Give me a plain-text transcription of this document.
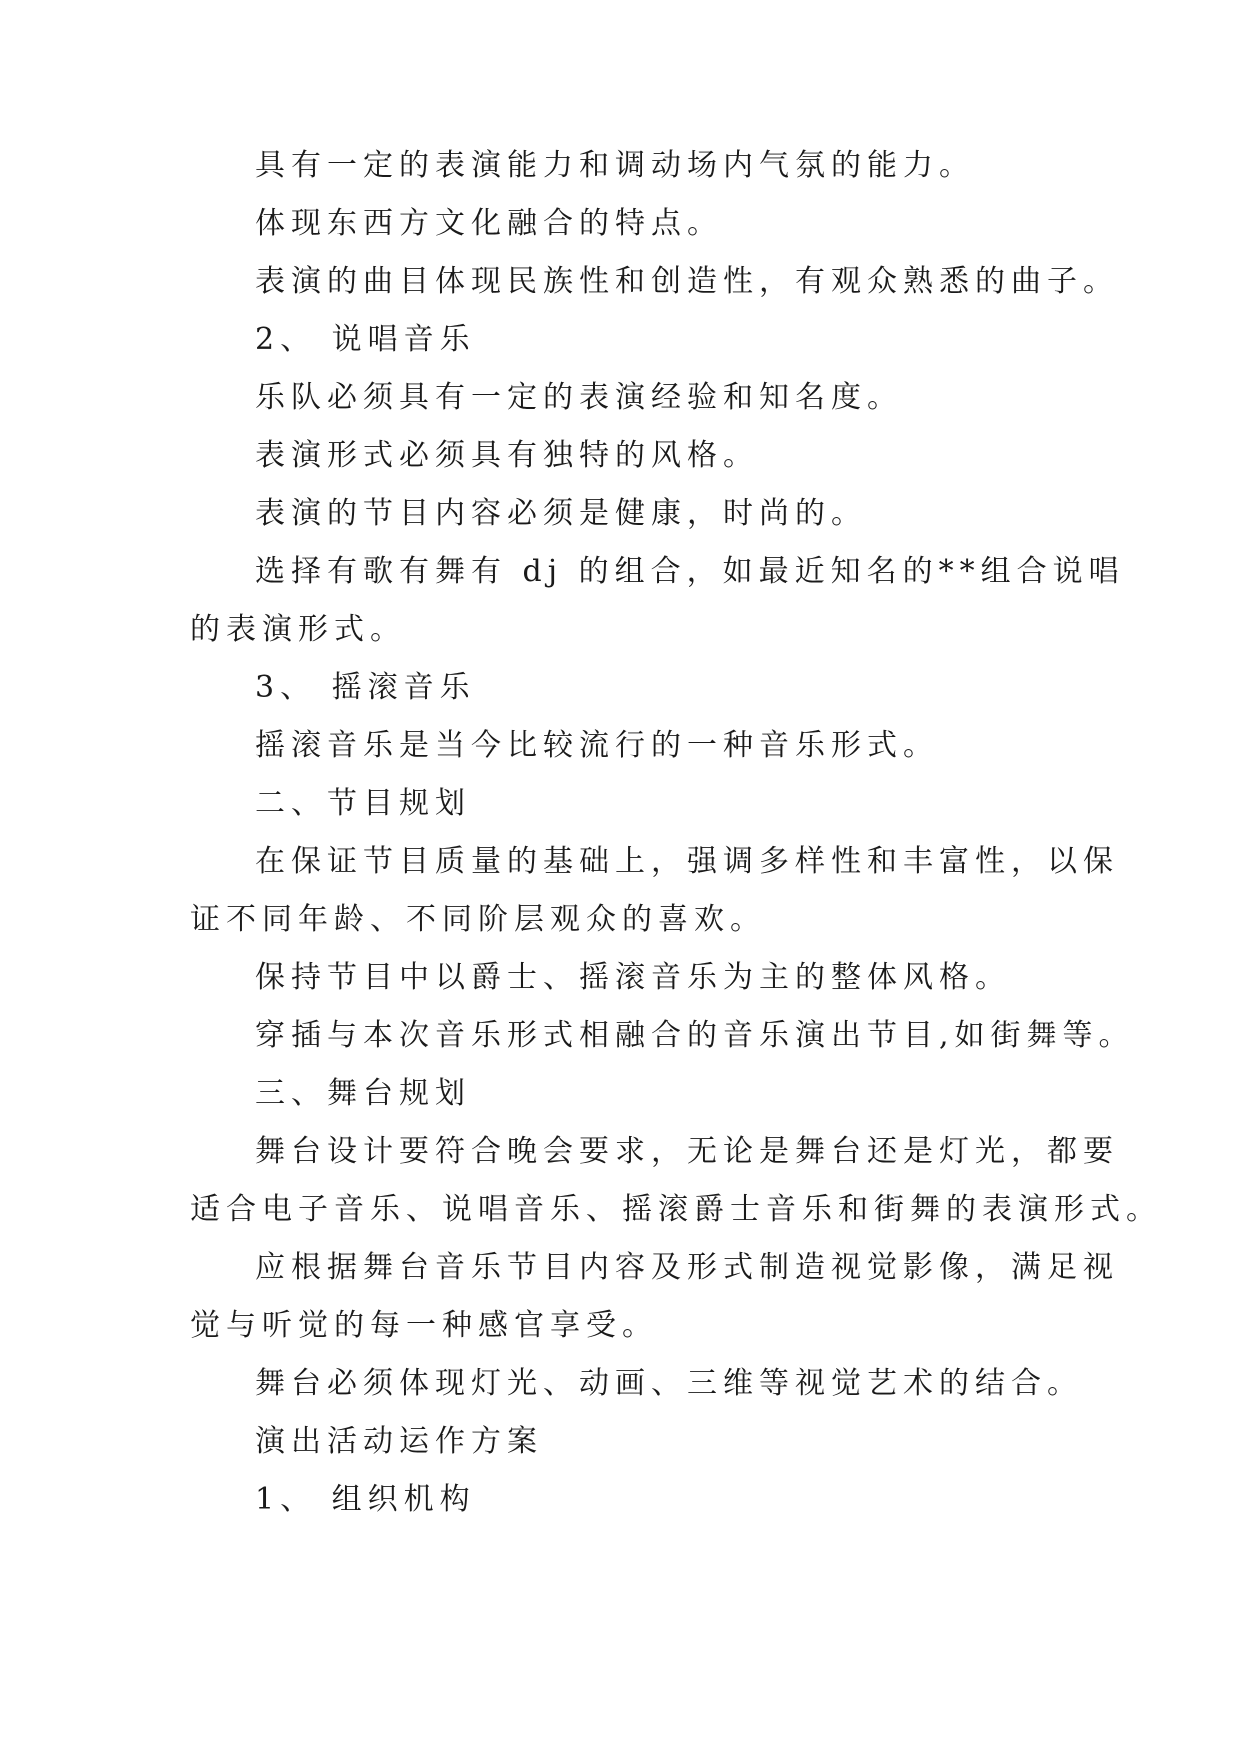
具有一定的表演能力和调动场内气氛的能力。
体现东西方文化融合的特点。
表演的曲目体现民族性和创造性，有观众熟悉的曲子。
2、 说唱音乐
乐队必须具有一定的表演经验和知名度。
表演形式必须具有独特的风格。
表演的节目内容必须是健康，时尚的。
选择有歌有舞有 dj 的组合，如最近知名的**组合说唱
的表演形式。
3、 摇滚音乐
摇滚音乐是当今比较流行的一种音乐形式。
二、节目规划
在保证节目质量的基础上，强调多样性和丰富性，以保
证不同年龄、不同阶层观众的喜欢。
保持节目中以爵士、摇滚音乐为主的整体风格。
穿插与本次音乐形式相融合的音乐演出节目,如街舞等。
三、舞台规划
舞台设计要符合晚会要求，无论是舞台还是灯光，都要
适合电子音乐、说唱音乐、摇滚爵士音乐和街舞的表演形式。
应根据舞台音乐节目内容及形式制造视觉影像，满足视
觉与听觉的每一种感官享受。
舞台必须体现灯光、动画、三维等视觉艺术的结合。
演出活动运作方案
1、 组织机构
